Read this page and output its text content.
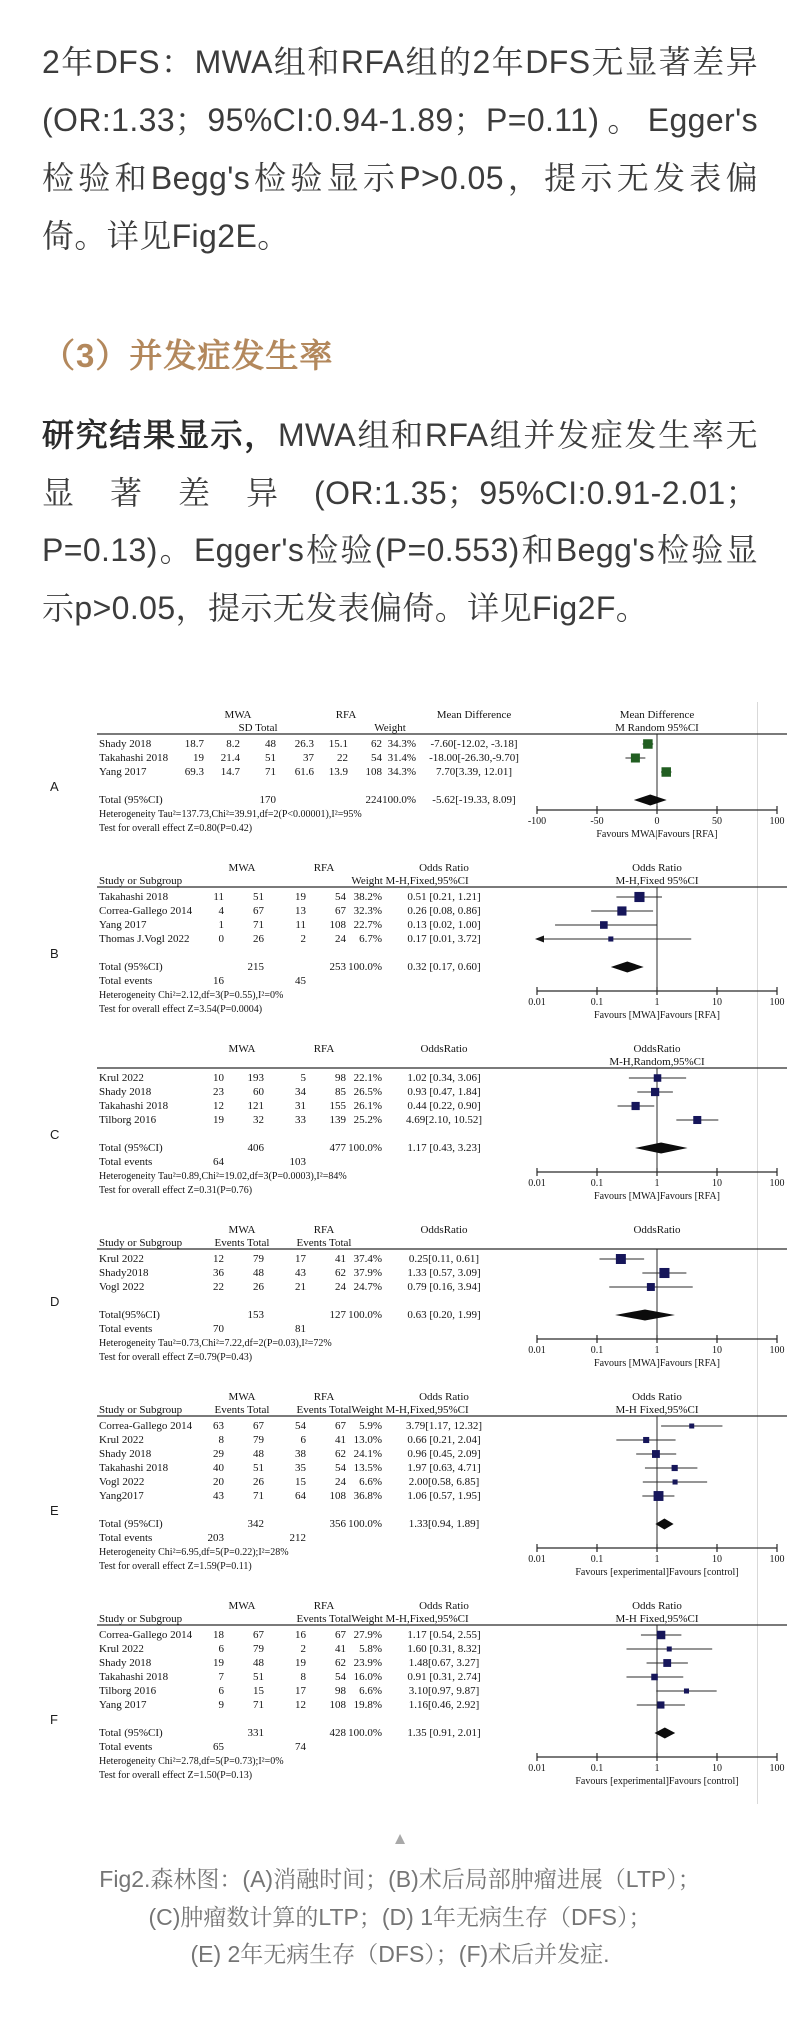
2年DFS：MWA组和RFA组的2年DFS无显著差异(OR:1.33；95%CI:0.94-1.89；P=0.11)。Egger's检验和Begg's检验显示P>0.05，提示无发表偏倚。详见Fig2E。

（3）并发症发生率

研究结果显示，MWA组和RFA组并发症发生率无显著差异(OR:1.35；95%CI:0.91-2.01；P=0.13)。Egger's检验(P=0.553)和Begg's检验显示p>0.05，提示无发表偏倚。详见Fig2F。

MWA	RFA	Mean Difference	Mean Difference
SD Total	Weight	M Random 95%CI
Shady 2018	18.7	8.2	48	26.3	15.1	62 34.3%	-7.60[-12.02, -3.18]
Takahashi 2018	19	21.4	51	37	22	54 31.4%	-18.00[-26.30,-9.70]
Yang 2017	69.3	14.7	71	61.6	13.9	108 34.3%	7.70[3.39, 12.01]
A
Total (95%CI)	170	224 100.0%	-5.62[-19.33, 8.09]
Heterogeneity Tau²=137.73,Chi²=39.91,df=2(P<0.00001),I²=95%
Test for overall effect Z=0.80(P=0.42)
-100	-50	0	50	100
Favours MWA|Favours [RFA]
MWA	RFA	Odds Ratio	Odds Ratio
Study or Subgroup	Weight M-H,Fixed,95%CI	M-H,Fixed 95%CI
Takahashi 2018	11	51	19	54 38.2%	0.51 [0.21, 1.21]
Correa-Gallego 2014	4	67	13	67 32.3%	0.26 [0.08, 0.86]
Yang 2017	1	71	11	108 22.7%	0.13 [0.02, 1.00]
Thomas J.Vogl 2022	0	26	2	24	6.7%	0.17 [0.01, 3.72]
B
Total (95%CI)	215	253 100.0%	0.32 [0.17, 0.60]
Total events	16	45
Heterogeneity Chi²=2.12,df=3(P=0.55),I²=0%
Test for overall effect Z=3.54(P=0.0004)
0.01	0.1	1	10	100
Favours [MWA]Favours [RFA]
MWA	RFA	OddsRatio	OddsRatio
M-H,Random,95%CI
Krul 2022	10	193	5	98 22.1%	1.02 [0.34, 3.06]
Shady 2018	23	60	34	85 26.5%	0.93 [0.47, 1.84]
Takahashi 2018	12	121	31	155 26.1%	0.44 [0.22, 0.90]
Tilborg 2016	19	32	33	139 25.2%	4.69[2.10, 10.52]
C
Total (95%CI)	406	477 100.0%	1.17 [0.43, 3.23]
Total events	64	103
Heterogeneity Tau²=0.89,Chi²=19.02,df=3(P=0.0003),I²=84%
Test for overall effect Z=0.31(P=0.76)
0.01	0.1	1	10	100
Favours [MWA]Favours [RFA]
MWA	RFA	OddsRatio	OddsRatio
Study or Subgroup	Events Total	Events Total
Krul 2022	12	79	17	41 37.4%	0.25[0.11, 0.61]
Shady2018	36	48	43	62 37.9%	1.33 [0.57, 3.09]
Vogl 2022	22	26	21	24 24.7%	0.79 [0.16, 3.94]
D
Total(95%CI)	153	127 100.0%	0.63 [0.20, 1.99]
Total events	70	81
Heterogeneity Tau²=0.73,Chi²=7.22,df=2(P=0.03),I²=72%
Test for overall effect Z=0.79(P=0.43)
0.01	0.1	1	10	100
Favours [MWA]Favours [RFA]
MWA	RFA	Odds Ratio	Odds Ratio
Study or Subgroup	Events Total	Events Total Weight M-H,Fixed,95%CI	M-H Fixed,95%CI
Correa-Gallego 2014	63	67	54	67	5.9%	3.79[1.17, 12.32]
Krul 2022	8	79	6	41 13.0%	0.66 [0.21, 2.04]
Shady 2018	29	48	38	62 24.1%	0.96 [0.45, 2.09]
Takahashi 2018	40	51	35	54 13.5%	1.97 [0.63, 4.71]
Vogl 2022	20	26	15	24	6.6%	2.00[0.58, 6.85]
Yang2017	43	71	64	108 36.8%	1.06 [0.57, 1.95]
E
Total (95%CI)	342	356 100.0%	1.33[0.94, 1.89]
Total events	203	212
Heterogeneity Chi²=6.95,df=5(P=0.22);I²=28%
Test for overall effect Z=1.59(P=0.11)
0.01	0.1	1	10	100
Favours [experimental]Favours [control]
MWA	RFA	Odds Ratio	Odds Ratio
Study or Subgroup	Events Total Weight M-H,Fixed,95%CI	M-H Fixed,95%CI
Correa-Gallego 2014	18	67	16	67 27.9%	1.17 [0.54, 2.55]
Krul 2022	6	79	2	41	5.8%	1.60 [0.31, 8.32]
Shady 2018	19	48	19	62 23.9%	1.48[0.67, 3.27]
Takahashi 2018	7	51	8	54 16.0%	0.91 [0.31, 2.74]
Tilborg 2016	6	15	17	98	6.6%	3.10[0.97, 9.87]
Yang 2017	9	71	12	108 19.8%	1.16[0.46, 2.92]
F
Total (95%CI)	331	428 100.0%	1.35 [0.91, 2.01]
Total events	65	74
Heterogeneity Chi²=2.78,df=5(P=0.73);I²=0%
Test for overall effect Z=1.50(P=0.13)
0.01	0.1	1	10	100
Favours [experimental]Favours [control]
▲
Fig2.森林图：(A)消融时间；(B)术后局部肿瘤进展（LTP）；
(C)肿瘤数计算的LTP；(D) 1年无病生存（DFS）；
(E) 2年无病生存（DFS）；(F)术后并发症.
